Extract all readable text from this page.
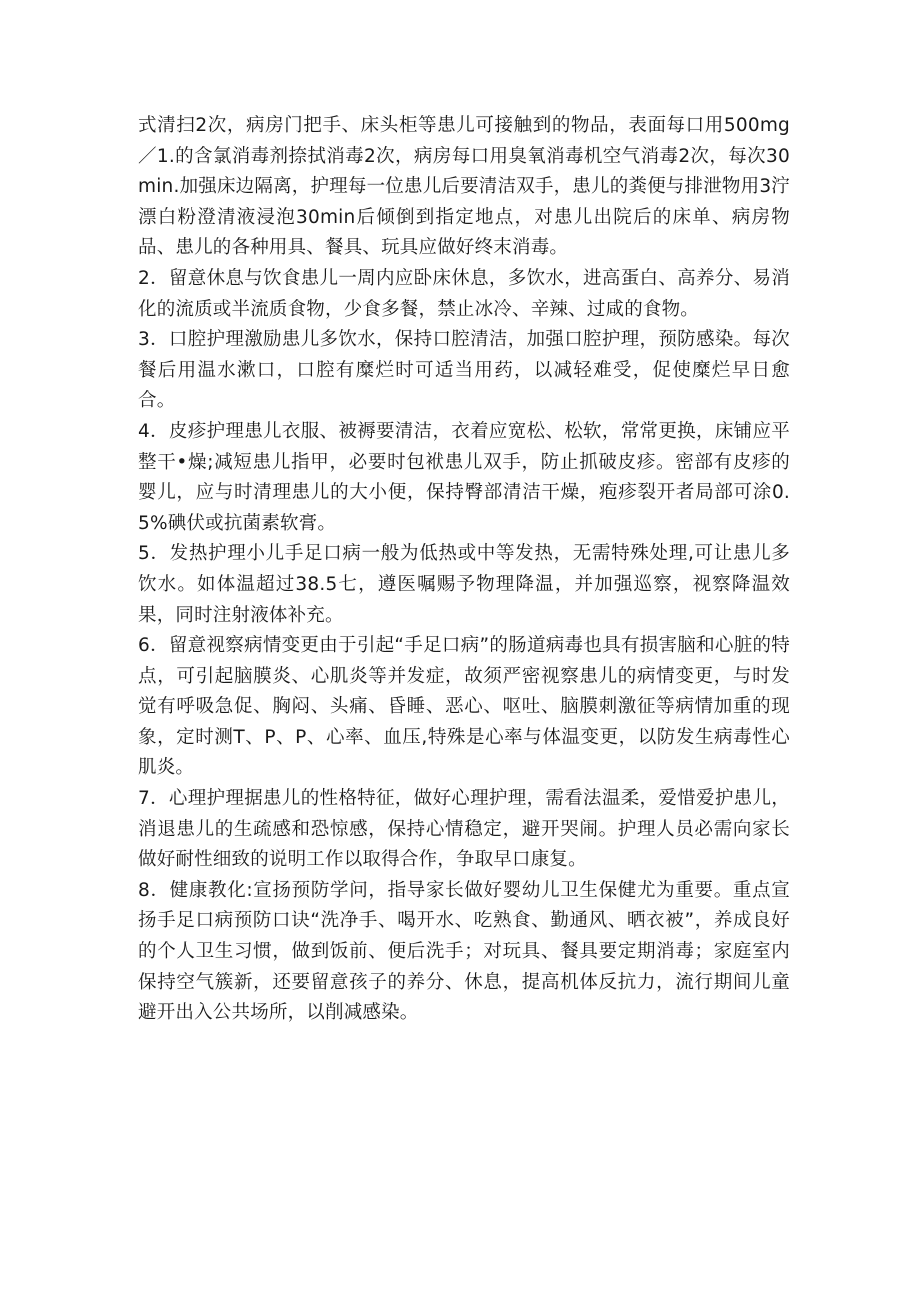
式清扫2次，病房门把手、床头柜等患儿可接触到的物品，表面每口用500mg／1.的含氯消毒剂捺拭消毒2次，病房每口用臭氧消毒机空气消毒2次，每次30min.加强床边隔离，护理每一位患儿后要清洁双手，患儿的粪便与排泄物用3泞漂白粉澄清液浸泡30min后倾倒到指定地点，对患儿出院后的床单、病房物品、患儿的各种用具、餐具、玩具应做好终末消毒。

2．留意休息与饮食患儿一周内应卧床休息，多饮水，进高蛋白、高养分、易消化的流质或半流质食物，少食多餐，禁止冰冷、辛辣、过咸的食物。

3．口腔护理激励患儿多饮水，保持口腔清洁，加强口腔护理，预防感染。每次餐后用温水漱口，口腔有糜烂时可适当用药，以减轻难受，促使糜烂早日愈合。

4．皮疹护理患儿衣服、被褥要清洁，衣着应宽松、松软，常常更换，床铺应平整干•燥;减短患儿指甲，必要时包袱患儿双手，防止抓破皮疹。密部有皮疹的婴儿，应与时清理患儿的大小便，保持臀部清洁干燥，疱疹裂开者局部可涂0.5%碘伏或抗菌素软膏。

5．发热护理小儿手足口病一般为低热或中等发热，无需特殊处理,可让患儿多饮水。如体温超过38.5七，遵医嘱赐予物理降温，并加强巡察，视察降温效果，同时注射液体补充。

6．留意视察病情变更由于引起“手足口病”的肠道病毒也具有损害脑和心脏的特点，可引起脑膜炎、心肌炎等并发症，故须严密视察患儿的病情变更，与时发觉有呼吸急促、胸闷、头痛、昏睡、恶心、呕吐、脑膜刺激征等病情加重的现象，定时测T、P、P、心率、血压,特殊是心率与体温变更，以防发生病毒性心肌炎。

7．心理护理据患儿的性格特征，做好心理护理，需看法温柔，爱惜爱护患儿，消退患儿的生疏感和恐惊感，保持心情稳定，避开哭闹。护理人员必需向家长做好耐性细致的说明工作以取得合作，争取早口康复。

8．健康教化:宣扬预防学问，指导家长做好婴幼儿卫生保健尤为重要。重点宣扬手足口病预防口诀“洗净手、喝开水、吃熟食、勤通风、晒衣被”，养成良好的个人卫生习惯，做到饭前、便后洗手；对玩具、餐具要定期消毒；家庭室内保持空气簇新，还要留意孩子的养分、休息，提高机体反抗力，流行期间儿童避开出入公共场所，以削减感染。
